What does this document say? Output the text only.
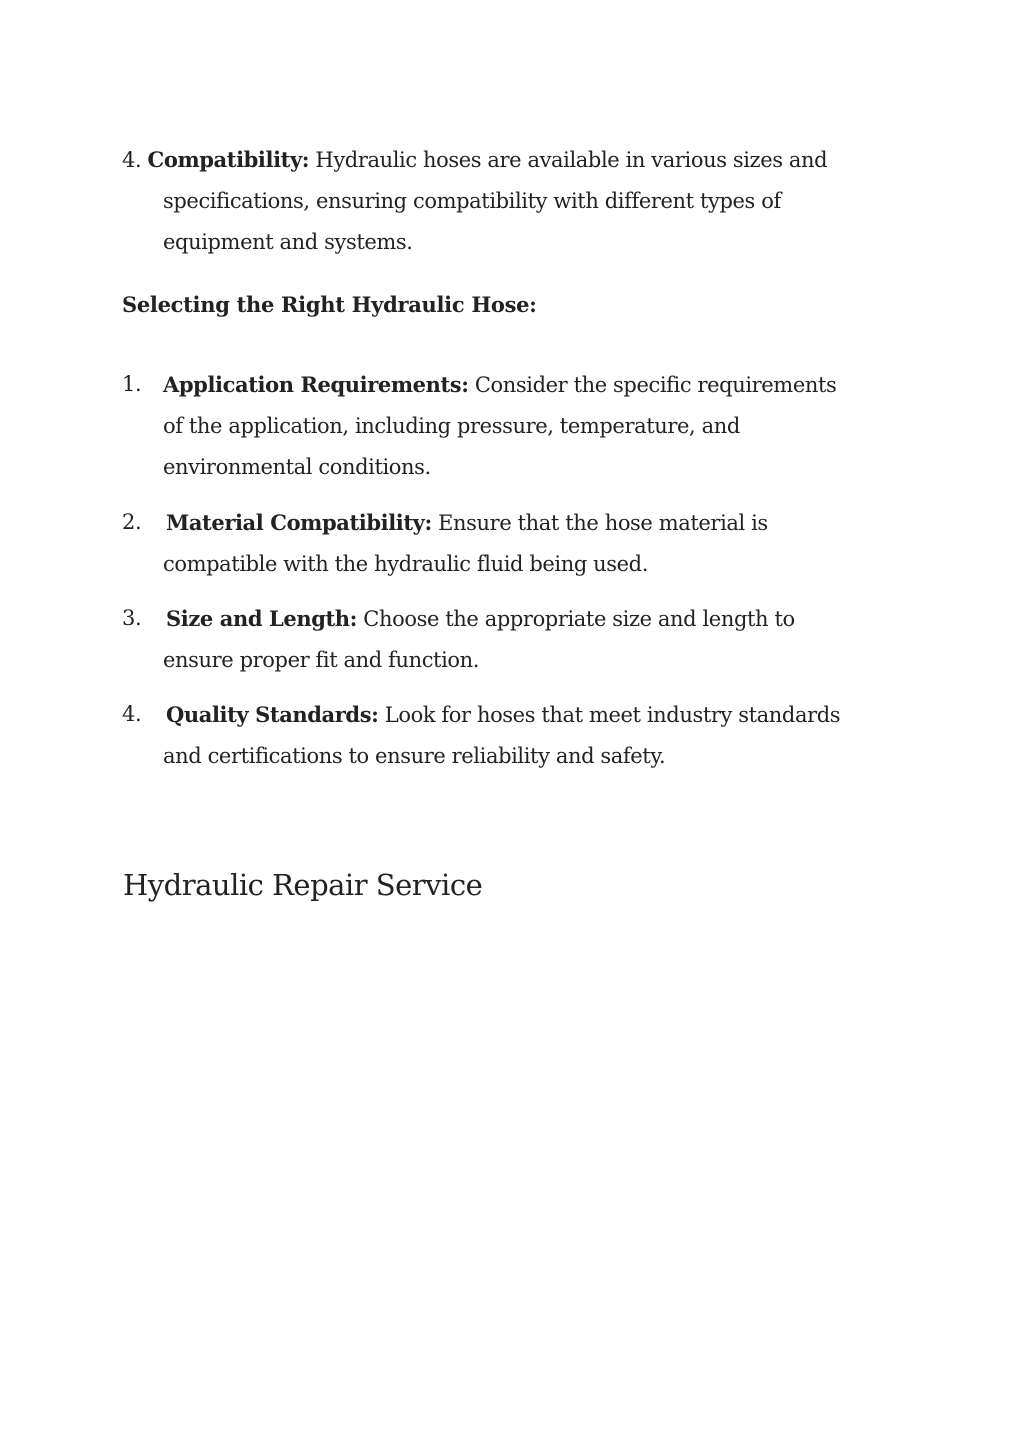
4. Compatibility: Hydraulic hoses are available in various sizes and
specifications, ensuring compatibility with different types of
equipment and systems.
Selecting the Right Hydraulic Hose:
1.	Application Requirements: Consider the specific requirements
of the application, including pressure, temperature, and
environmental conditions.
2.	Material Compatibility: Ensure that the hose material is
compatible with the hydraulic fluid being used.
3.	Size and Length: Choose the appropriate size and length to
ensure proper fit and function.
4.	Quality Standards: Look for hoses that meet industry standards
and certifications to ensure reliability and safety.
Hydraulic Repair Service
